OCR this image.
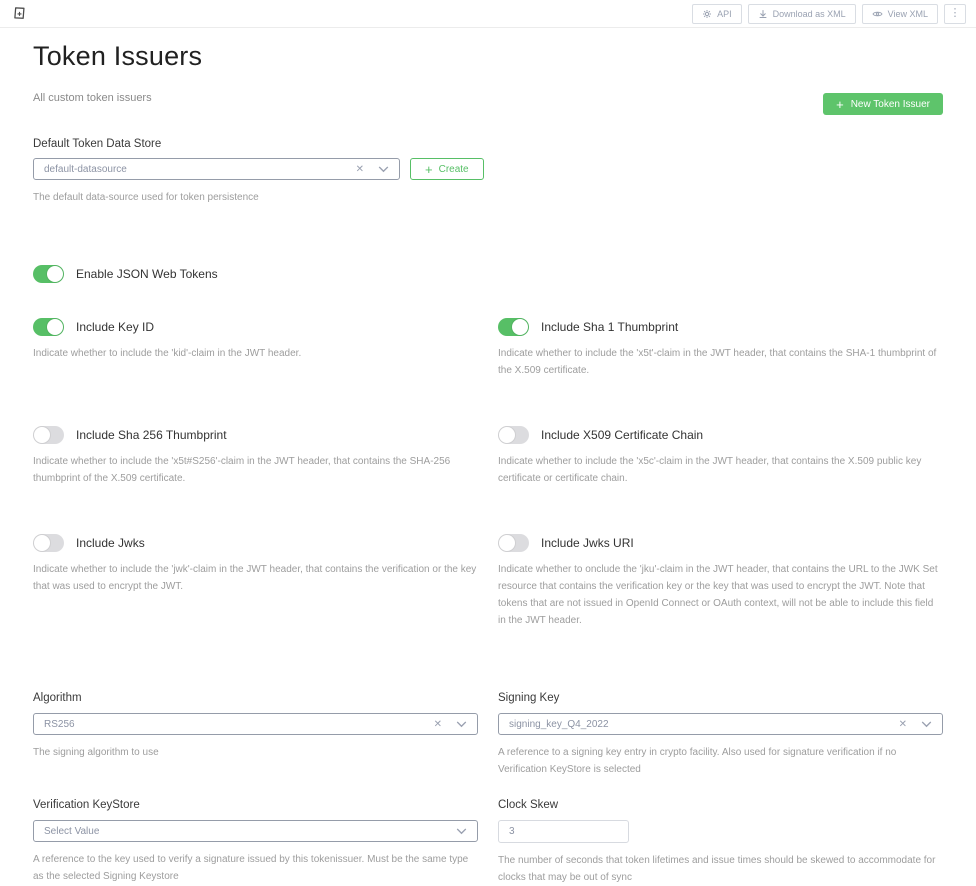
API	Download as XML	View XML ⋮
Token Issuers
+ New Token Issuer
All custom token issuers
Default Token Data Store
default-datasource	✕	+ Create
The default data-source used for token persistence
Enable JSON Web Tokens
Include Key ID
Indicate whether to include the 'kid'-claim in the JWT header.
Include Sha 1 Thumbprint
Indicate whether to include the 'x5t'-claim in the JWT header, that contains the SHA-1 thumbprint of the X.509 certificate.
Include Sha 256 Thumbprint
Indicate whether to include the 'x5t#S256'-claim in the JWT header, that contains the SHA-256 thumbprint of the X.509 certificate.
Include X509 Certificate Chain
Indicate whether to include the 'x5c'-claim in the JWT header, that contains the X.509 public key certificate or certificate chain.
Include Jwks
Indicate whether to include the 'jwk'-claim in the JWT header, that contains the verification or the key that was used to encrypt the JWT.
Include Jwks URI
Indicate whether to onclude the 'jku'-claim in the JWT header, that contains the URL to the JWK Set resource that contains the verification key or the key that was used to encrypt the JWT. Note that tokens that are not issued in OpenId Connect or OAuth context, will not be able to include this field in the JWT header.
Algorithm
RS256	✕
The signing algorithm to use
Signing Key
signing_key_Q4_2022	✕
A reference to a signing key entry in crypto facility. Also used for signature verification if no Verification KeyStore is selected
Verification KeyStore
Select Value
A reference to the key used to verify a signature issued by this tokenissuer. Must be the same type as the selected Signing Keystore
Clock Skew
3
The number of seconds that token lifetimes and issue times should be skewed to accommodate for clocks that may be out of sync
